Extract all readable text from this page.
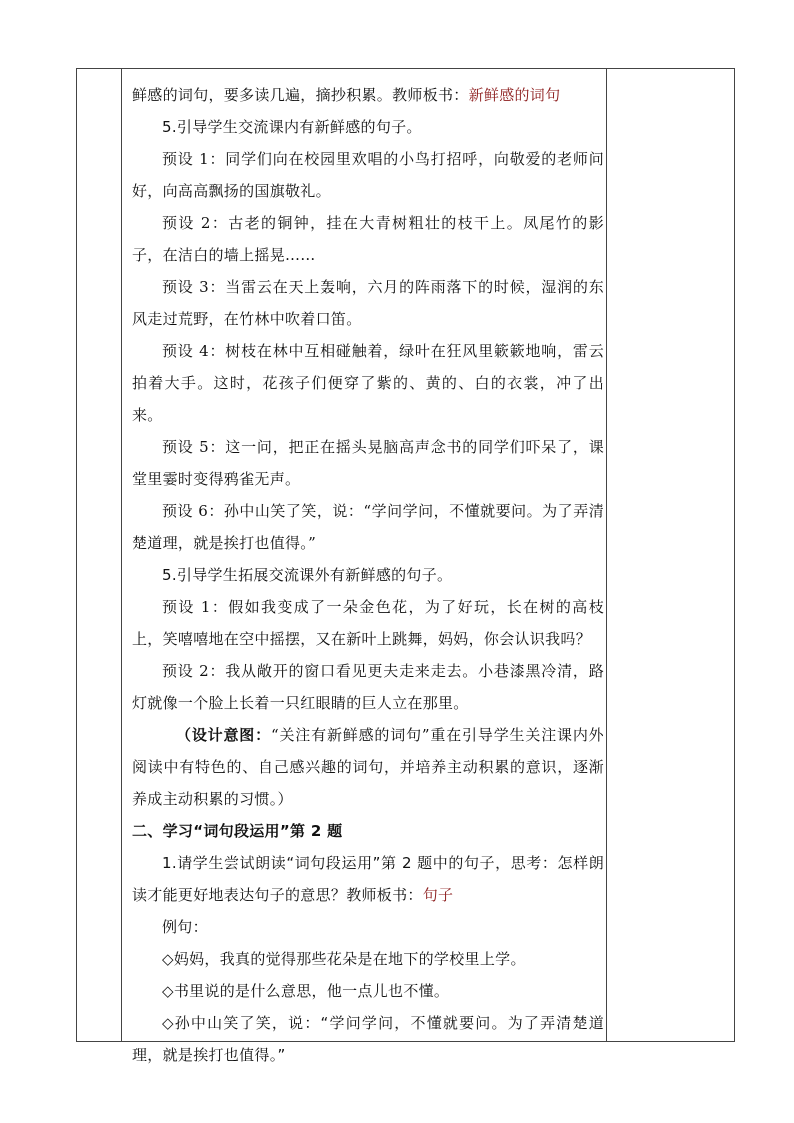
鲜感的词句，要多读几遍，摘抄积累。教师板书：新鲜感的词句

5.引导学生交流课内有新鲜感的句子。

预设 1：同学们向在校园里欢唱的小鸟打招呼，向敬爱的老师问好，向高高飘扬的国旗敬礼。

预设 2：古老的铜钟，挂在大青树粗壮的枝干上。凤尾竹的影子，在洁白的墙上摇晃……

预设 3：当雷云在天上轰响，六月的阵雨落下的时候，湿润的东风走过荒野，在竹林中吹着口笛。

预设 4：树枝在林中互相碰触着，绿叶在狂风里簌簌地响，雷云拍着大手。这时，花孩子们便穿了紫的、黄的、白的衣裳，冲了出来。

预设 5：这一问，把正在摇头晃脑高声念书的同学们吓呆了，课堂里霎时变得鸦雀无声。

预设 6：孙中山笑了笑，说：“学问学问，不懂就要问。为了弄清楚道理，就是挨打也值得。”

5.引导学生拓展交流课外有新鲜感的句子。

预设 1：假如我变成了一朵金色花，为了好玩，长在树的高枝上，笑嘻嘻地在空中摇摆，又在新叶上跳舞，妈妈，你会认识我吗？

预设 2：我从敞开的窗口看见更夫走来走去。小巷漆黑冷清，路灯就像一个脸上长着一只红眼睛的巨人立在那里。

（设计意图：“关注有新鲜感的词句”重在引导学生关注课内外阅读中有特色的、自己感兴趣的词句，并培养主动积累的意识，逐渐养成主动积累的习惯。）

二、学习“词句段运用”第 2 题

1.请学生尝试朗读“词句段运用”第 2 题中的句子，思考：怎样朗读才能更好地表达句子的意思？教师板书：句子

例句：

◇妈妈，我真的觉得那些花朵是在地下的学校里上学。

◇书里说的是什么意思，他一点儿也不懂。

◇孙中山笑了笑，说：“学问学问，不懂就要问。为了弄清楚道理，就是挨打也值得。”
